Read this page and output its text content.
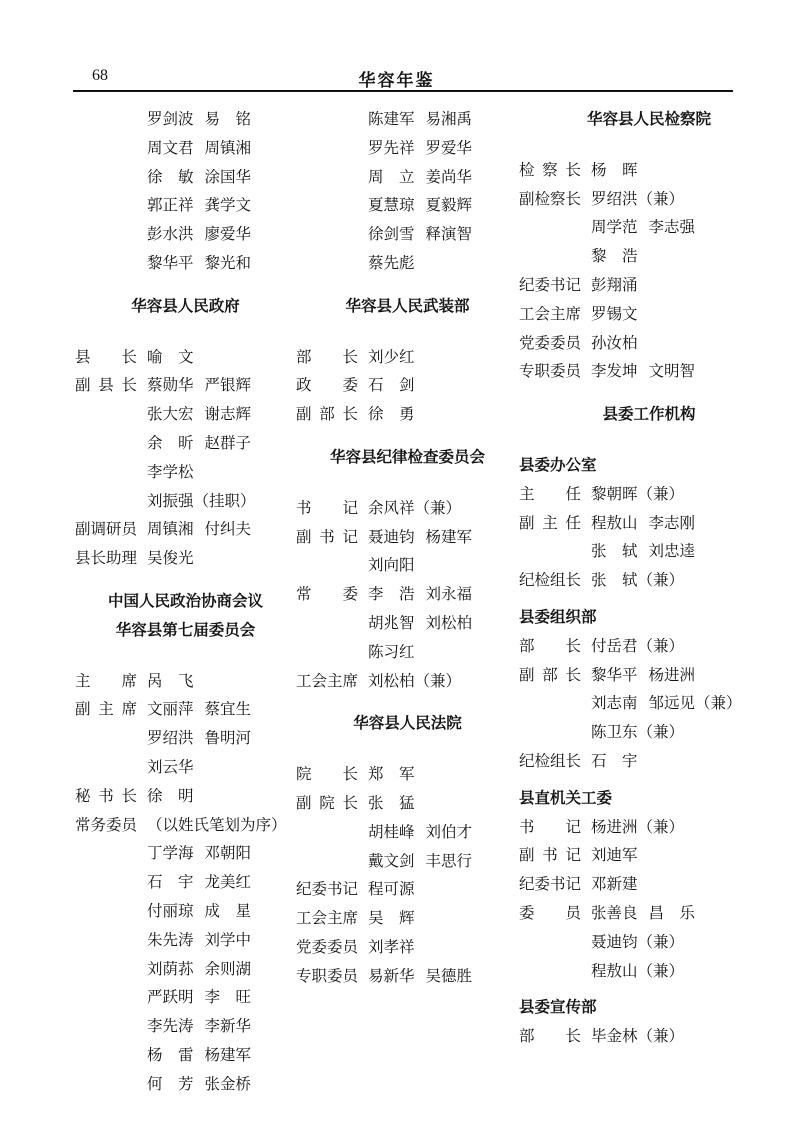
68	华容年鉴
罗剑波 易　铭
周文君 周镇湘
徐　敏 涂国华
郭正祥 龚学文
彭水洪 廖爱华
黎华平 黎光和
华容县人民政府
县长 喻　文
副县长 蔡勋华 严银辉
张大宏 谢志辉
余　昕 赵群子
李学松
刘振强（挂职）
副调研员 周镇湘 付纠夫
县长助理 吴俊光
中国人民政治协商会议
华容县第七届委员会
主席 呙　飞
副主席 文丽萍 蔡宜生
罗绍洪 鲁明河
刘云华
秘书长 徐　明
常务委员 （以姓氏笔划为序）
丁学海 邓朝阳
石　宇 龙美红
付丽琼 成　星
朱先涛 刘学中
刘荫荪 余则湖
严跃明 李　旺
李先涛 李新华
杨　雷 杨建军
何　芳 张金桥
陈建军 易湘禹
罗先祥 罗爱华
周　立 姜尚华
夏慧琼 夏毅辉
徐剑雪 释演智
蔡先彪
华容县人民武装部
部长 刘少红
政委 石　剑
副部长 徐　勇
华容县纪律检查委员会
书记 余风祥（兼）
副书记 聂迪钧 杨建军
刘向阳
常委 李　浩 刘永福
胡兆智 刘松柏
陈习红
工会主席 刘松柏（兼）
华容县人民法院
院长 郑　军
副院长 张　猛
胡桂峰 刘伯才
戴文剑 丰思行
纪委书记 程可源
工会主席 吴　辉
党委委员 刘孝祥
专职委员 易新华 吴德胜
华容县人民检察院
检察长 杨　晖
副检察长 罗绍洪（兼）
周学范 李志强
黎　浩
纪委书记 彭翔涌
工会主席 罗锡文
党委委员 孙汝柏
专职委员 李发坤 文明智
县委工作机构
县委办公室
主任 黎朝晖（兼）
副主任 程敖山 李志刚
张　轼 刘忠逵
纪检组长 张　轼（兼）
县委组织部
部长 付岳君（兼）
副部长 黎华平 杨进洲
刘志南 邹远见（兼）
陈卫东（兼）
纪检组长 石　宇
县直机关工委
书记 杨进洲（兼）
副书记 刘迪军
纪委书记 邓新建
委员 张善良 昌　乐
聂迪钧（兼）
程敖山（兼）
县委宣传部
部长 毕金林（兼）
